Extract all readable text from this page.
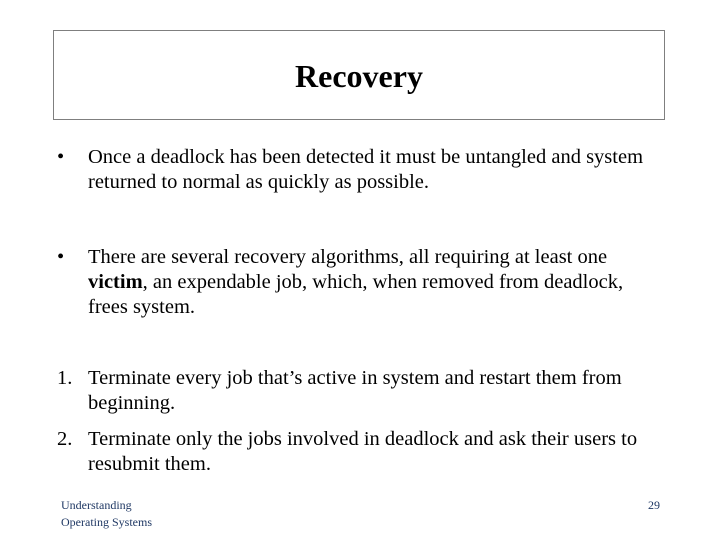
Recovery
•	Once a deadlock has been detected it must be untangled and system returned to normal as quickly as possible.
•	There are several recovery algorithms, all requiring at least one victim, an expendable job, which, when removed from deadlock, frees system.
1. Terminate every job that’s active in system and restart them from beginning.
2. Terminate only the jobs involved in deadlock and ask their users to resubmit them.
Understanding
Operating Systems
29
